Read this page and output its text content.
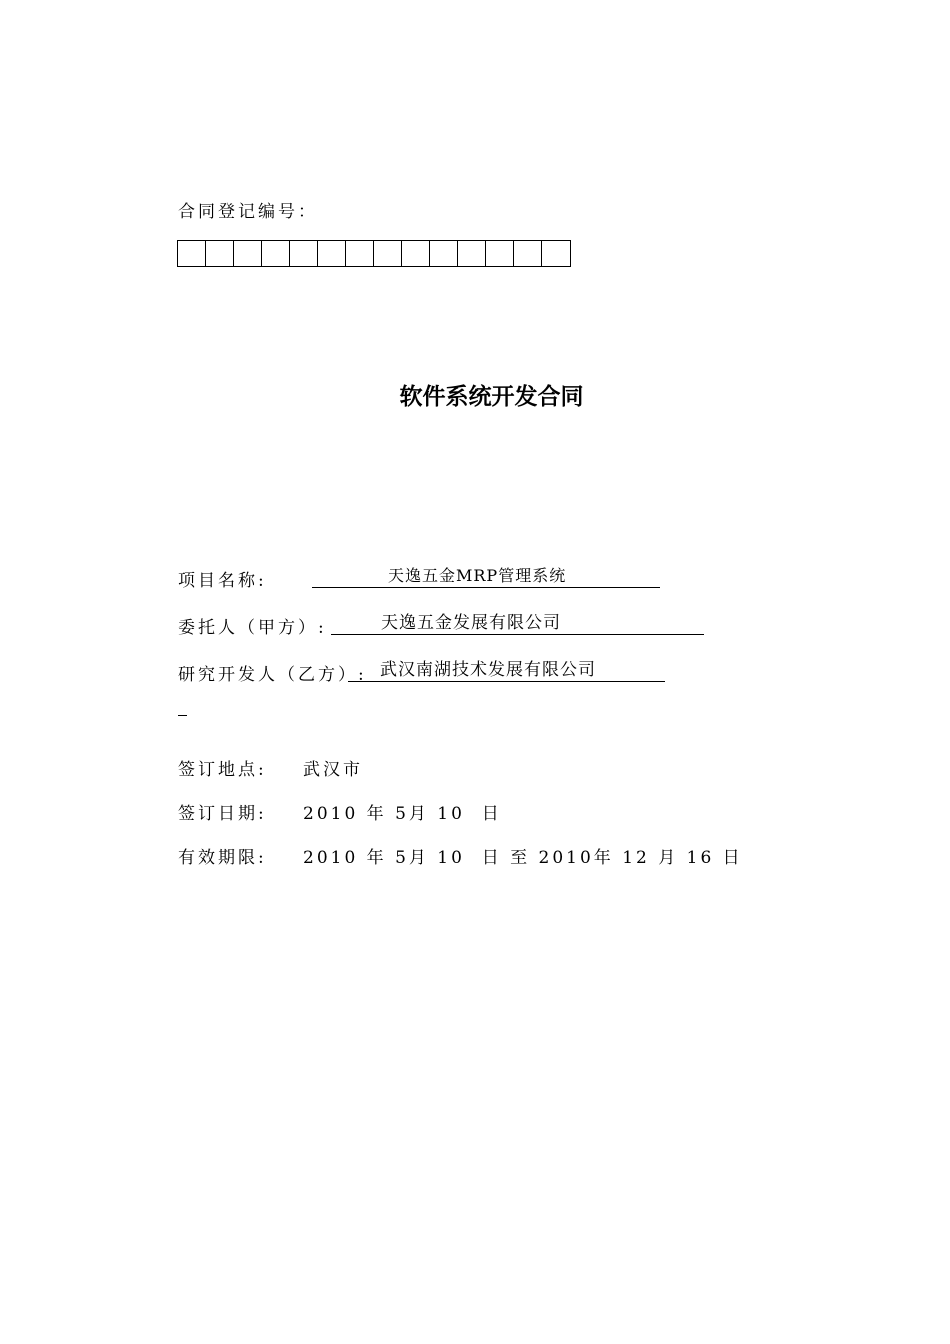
合同登记编号：
软件系统开发合同
项目名称:	天逸五金MRP管理系统
委托人（甲方）:	天逸五金发展有限公司
研究开发人（乙方）: 武汉南湖技术发展有限公司
签订地点: 武汉市
签订日期: 2010 年 5月 10  日
有效期限: 2010 年 5月 10  日 至 2010年 12 月 16 日
